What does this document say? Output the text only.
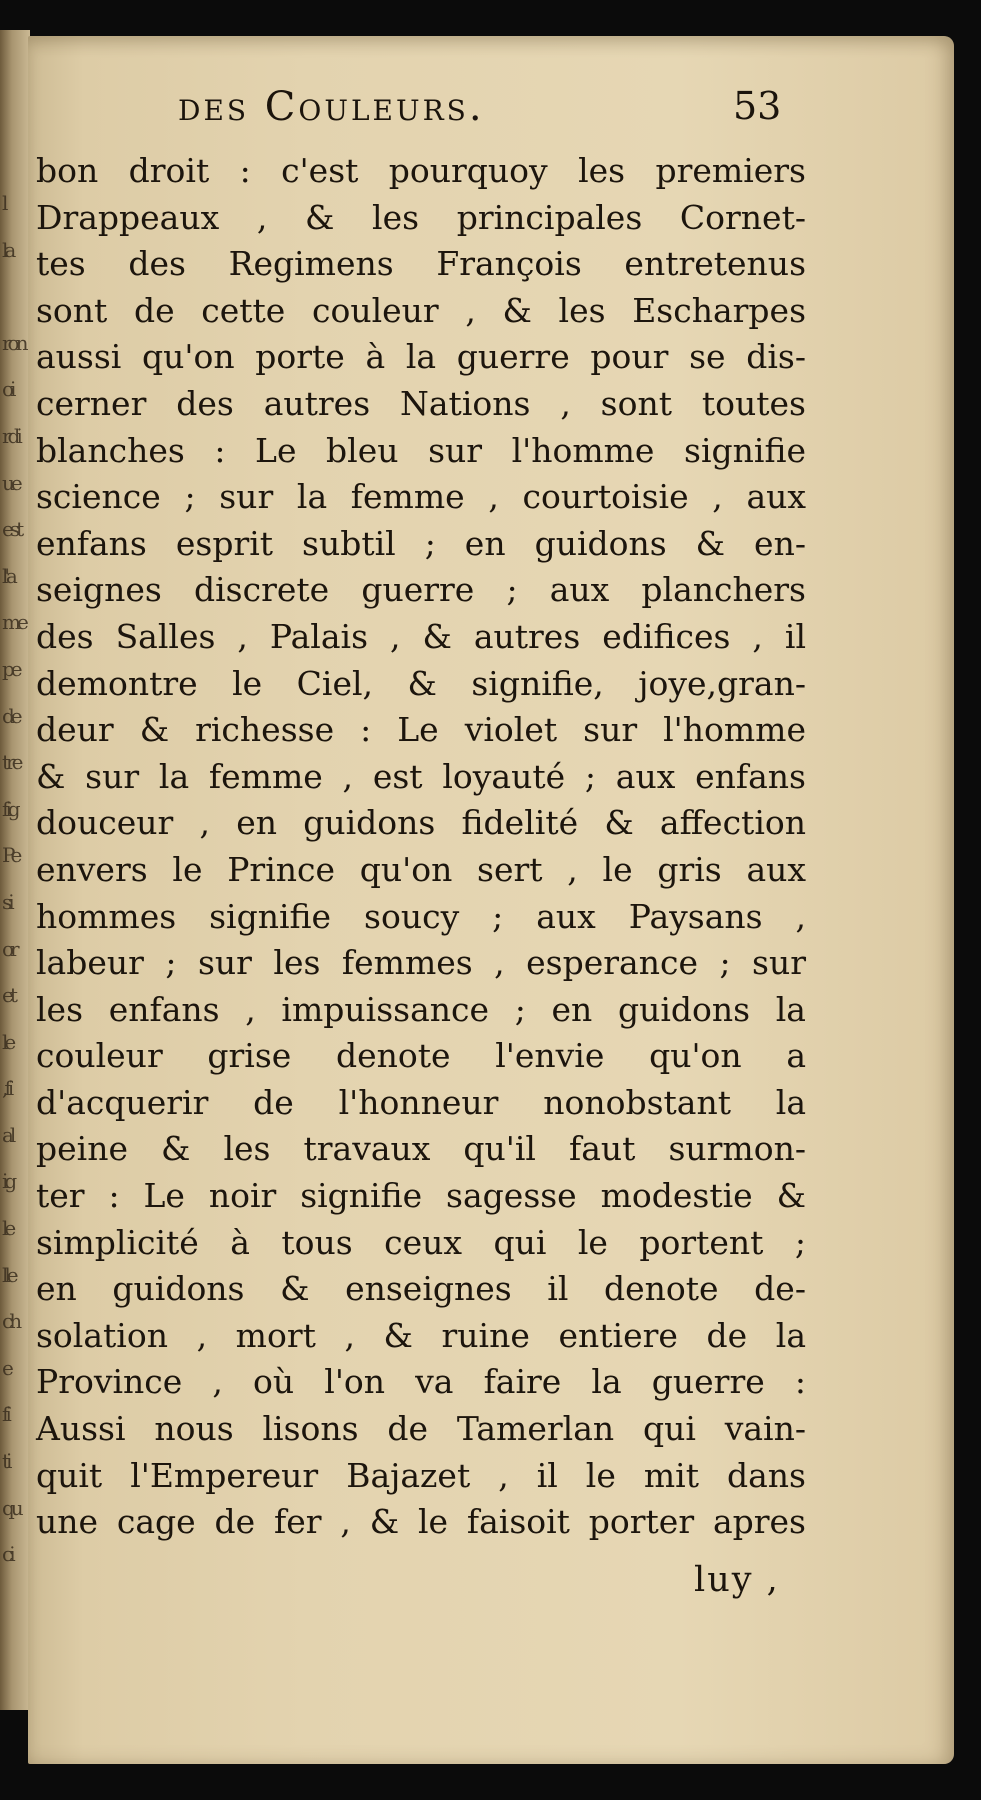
l
la
ron
oi
rdi
ue
est
l'a
me
pe
de
tre
fig
Pe
si
or
et
le
,fi
al
ig
le
lle
ch
e
fi
ti
qu
ci
des Couleurs.	53
bon droit : c'est pourquoy les premiers
Drappeaux , & les principales Cornet-
tes des Regimens François entretenus
sont de cette couleur , & les Escharpes
aussi qu'on porte à la guerre pour se dis-
cerner des autres Nations , sont toutes
blanches : Le bleu sur l'homme signifie
science ; sur la femme , courtoisie , aux
enfans esprit subtil ; en guidons & en-
seignes discrete guerre ; aux planchers
des Salles , Palais , & autres edifices , il
demontre le Ciel, & signifie, joye,gran-
deur & richesse : Le violet sur l'homme
& sur la femme , est loyauté ; aux enfans
douceur , en guidons fidelité & affection
envers le Prince qu'on sert , le gris aux
hommes signifie soucy ; aux Paysans ,
labeur ; sur les femmes , esperance ; sur
les enfans , impuissance ; en guidons la
couleur grise denote l'envie qu'on a
d'acquerir de l'honneur nonobstant la
peine & les travaux qu'il faut surmon-
ter : Le noir signifie sagesse modestie &
simplicité à tous ceux qui le portent ;
en guidons & enseignes il denote de-
solation , mort , & ruine entiere de la
Province , où l'on va faire la guerre :
Aussi nous lisons de Tamerlan qui vain-
quit l'Empereur Bajazet , il le mit dans
une cage de fer , & le faisoit porter apres
luy ,
